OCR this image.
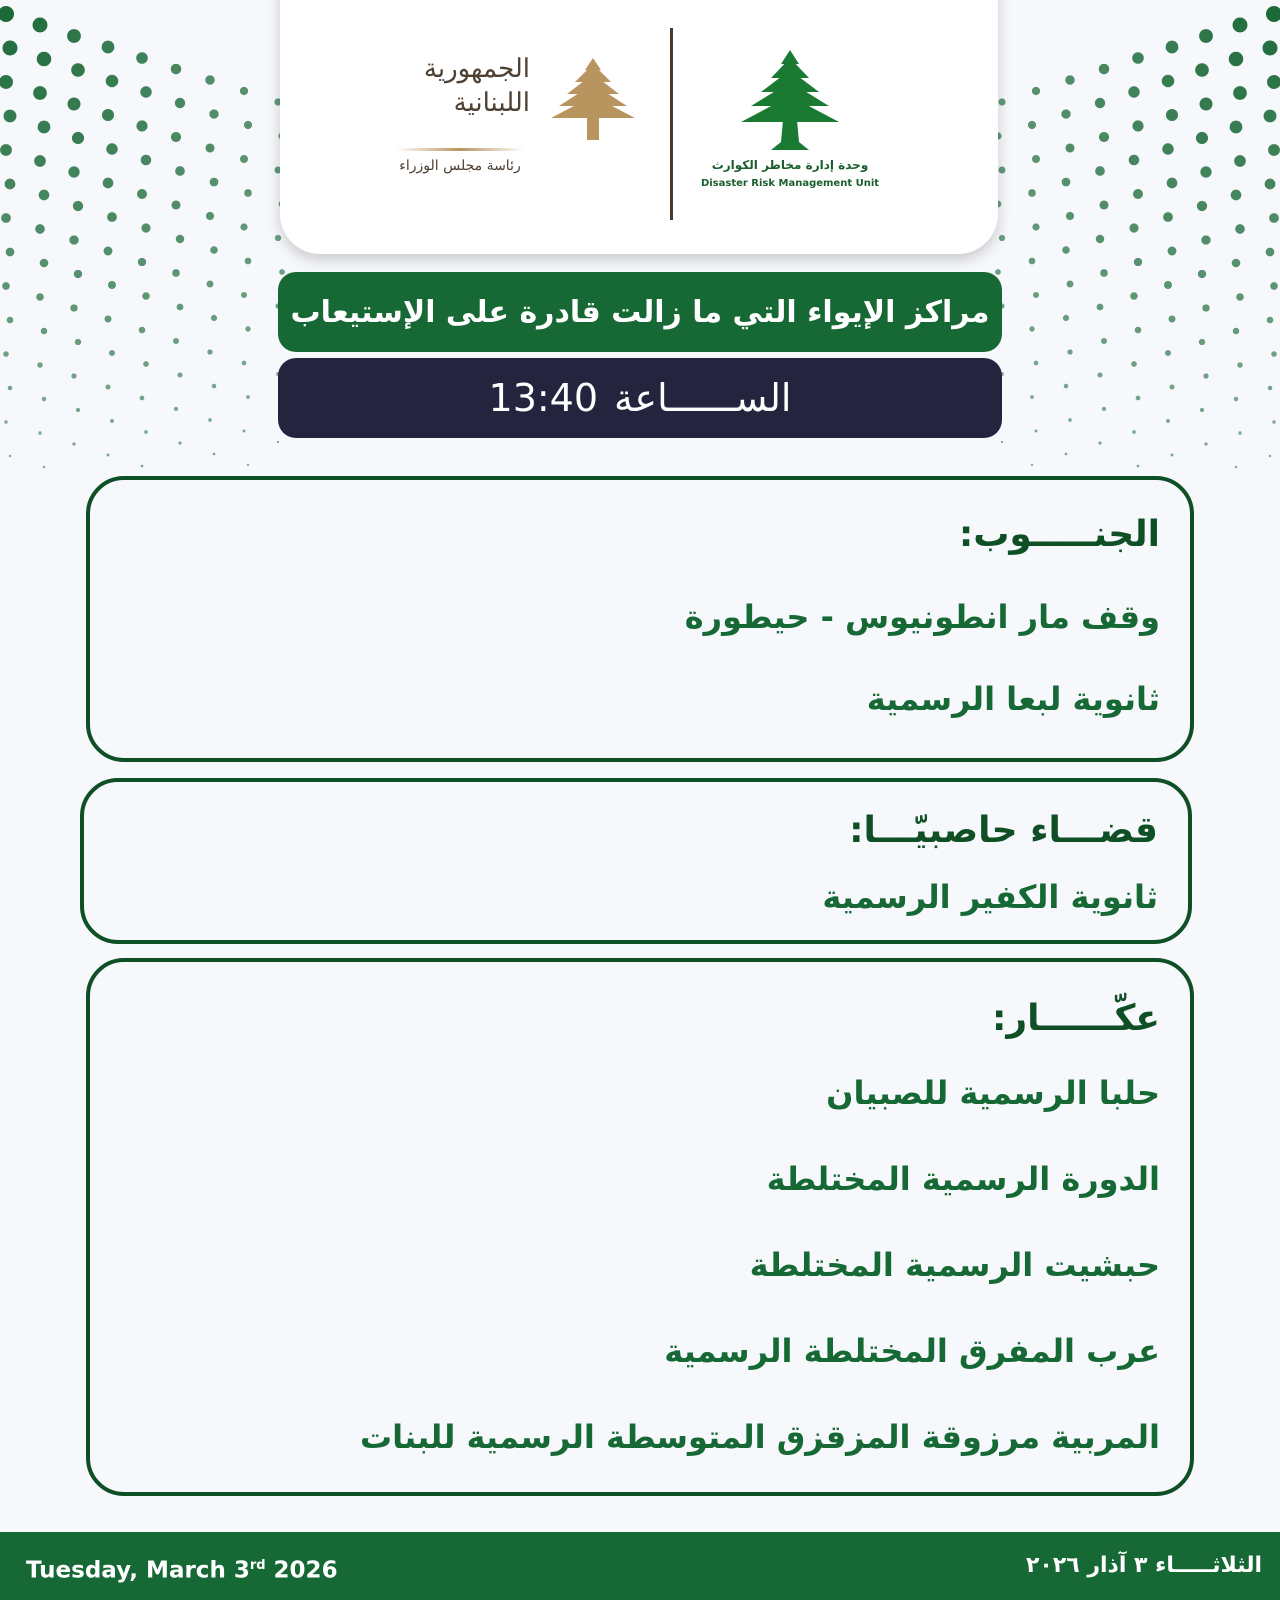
الجمهورية
اللبنانية
رئاسة مجلس الوزراء	وحدة إدارة مخاطر الكوارث
Disaster Risk Management Unit
مراكز الإيواء التي ما زالت قادرة على الإستيعاب
الســــــاعة
13:40
الجنـــــوب:
وقف مار انطونيوس - حيطورة
ثانوية لبعا الرسمية
قضـــاء حاصبيّـــا:
ثانوية الكفير الرسمية
عكّــــــار:
حلبا الرسمية للصبيان
الدورة الرسمية المختلطة
حبشيت الرسمية المختلطة
عرب المفرق المختلطة الرسمية
المربية مرزوقة المزقزق المتوسطة الرسمية للبنات
Tuesday, March 3rd 2026	الثلاثـــــاء ٣ آذار ٢٠٢٦
